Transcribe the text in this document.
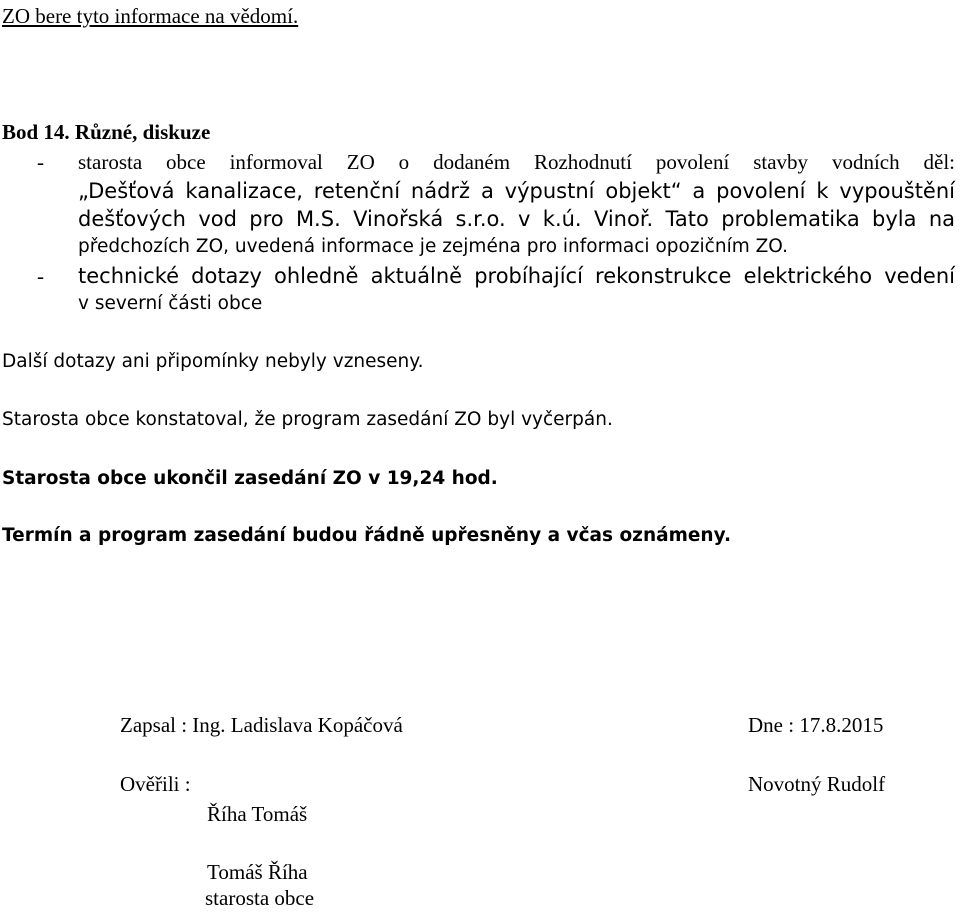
ZO bere tyto informace na vědomí.
Bod 14. Různé, diskuze
- starosta obce informoval ZO o dodaném Rozhodnutí povolení stavby vodních děl:
„Dešťová kanalizace, retenční nádrž a výpustní objekt“ a povolení k vypouštění
dešťových vod pro M.S. Vinořská s.r.o. v k.ú. Vinoř. Tato problematika byla na
předchozích ZO, uvedená informace je zejména pro informaci opozičním ZO.
- technické dotazy ohledně aktuálně probíhající rekonstrukce elektrického vedení
v severní části obce
Další dotazy ani připomínky nebyly vzneseny.
Starosta obce konstatoval, že program zasedání ZO byl vyčerpán.
Starosta obce ukončil zasedání ZO v 19,24 hod.
Termín a program zasedání budou řádně upřesněny a včas oznámeny.
Zapsal : Ing. Ladislava Kopáčová	Dne : 17.8.2015
Ověřili :	Novotný Rudolf
Říha Tomáš
Tomáš Říha
starosta obce
